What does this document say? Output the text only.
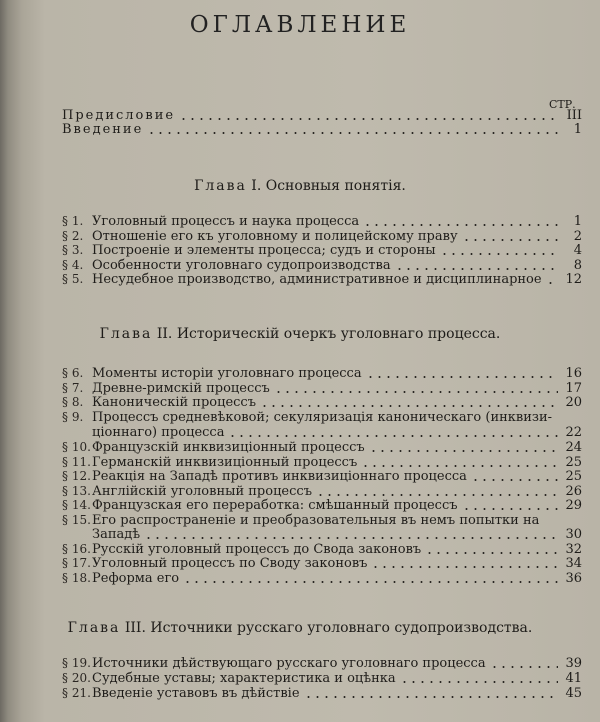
ОГЛАВЛЕНИЕ
СТР.
Предисловие	III
Введение	1
Глава I. Основныя понятія.
§ 1. Уголовный процессъ и наука процесса	1
§ 2. Отношеніе его къ уголовному и полицейскому праву	2
§ 3. Построеніе и элементы процесса; судъ и стороны	4
§ 4. Особенности уголовнаго судопроизводства	8
§ 5. Несудебное производство, административное и дисциплинарное 12
Глава II. Историческій очеркъ уголовнаго процесса.
§ 6. Моменты исторіи уголовнаго процесса	16
§ 7. Древне-римскій процессъ	17
§ 8. Каноническій процессъ	20
§ 9. Процессъ средневѣковой; секуляризація каноническаго (инквизи-
ціоннаго) процесса	22
§ 10. Французскій инквизиціонный процессъ	24
§ 11. Германскій инквизиціонный процессъ	25
§ 12. Реакція на Западѣ противъ инквизиціоннаго процесса	25
§ 13. Англійскій уголовный процессъ	26
§ 14. Французская его переработка: смѣшанный процессъ	29
§ 15. Его распространеніе и преобразовательныя въ немъ попытки на
Западѣ	30
§ 16. Русскій уголовный процессъ до Свода законовъ	32
§ 17. Уголовный процессъ по Своду законовъ	34
§ 18. Реформа его	36
Глава III. Источники русскаго уголовнаго судопроизводства.
§ 19. Источники дѣйствующаго русскаго уголовнаго процесса	39
§ 20. Судебные уставы; характеристика и оцѣнка	41
§ 21. Введеніе уставовъ въ дѣйствіе	45
